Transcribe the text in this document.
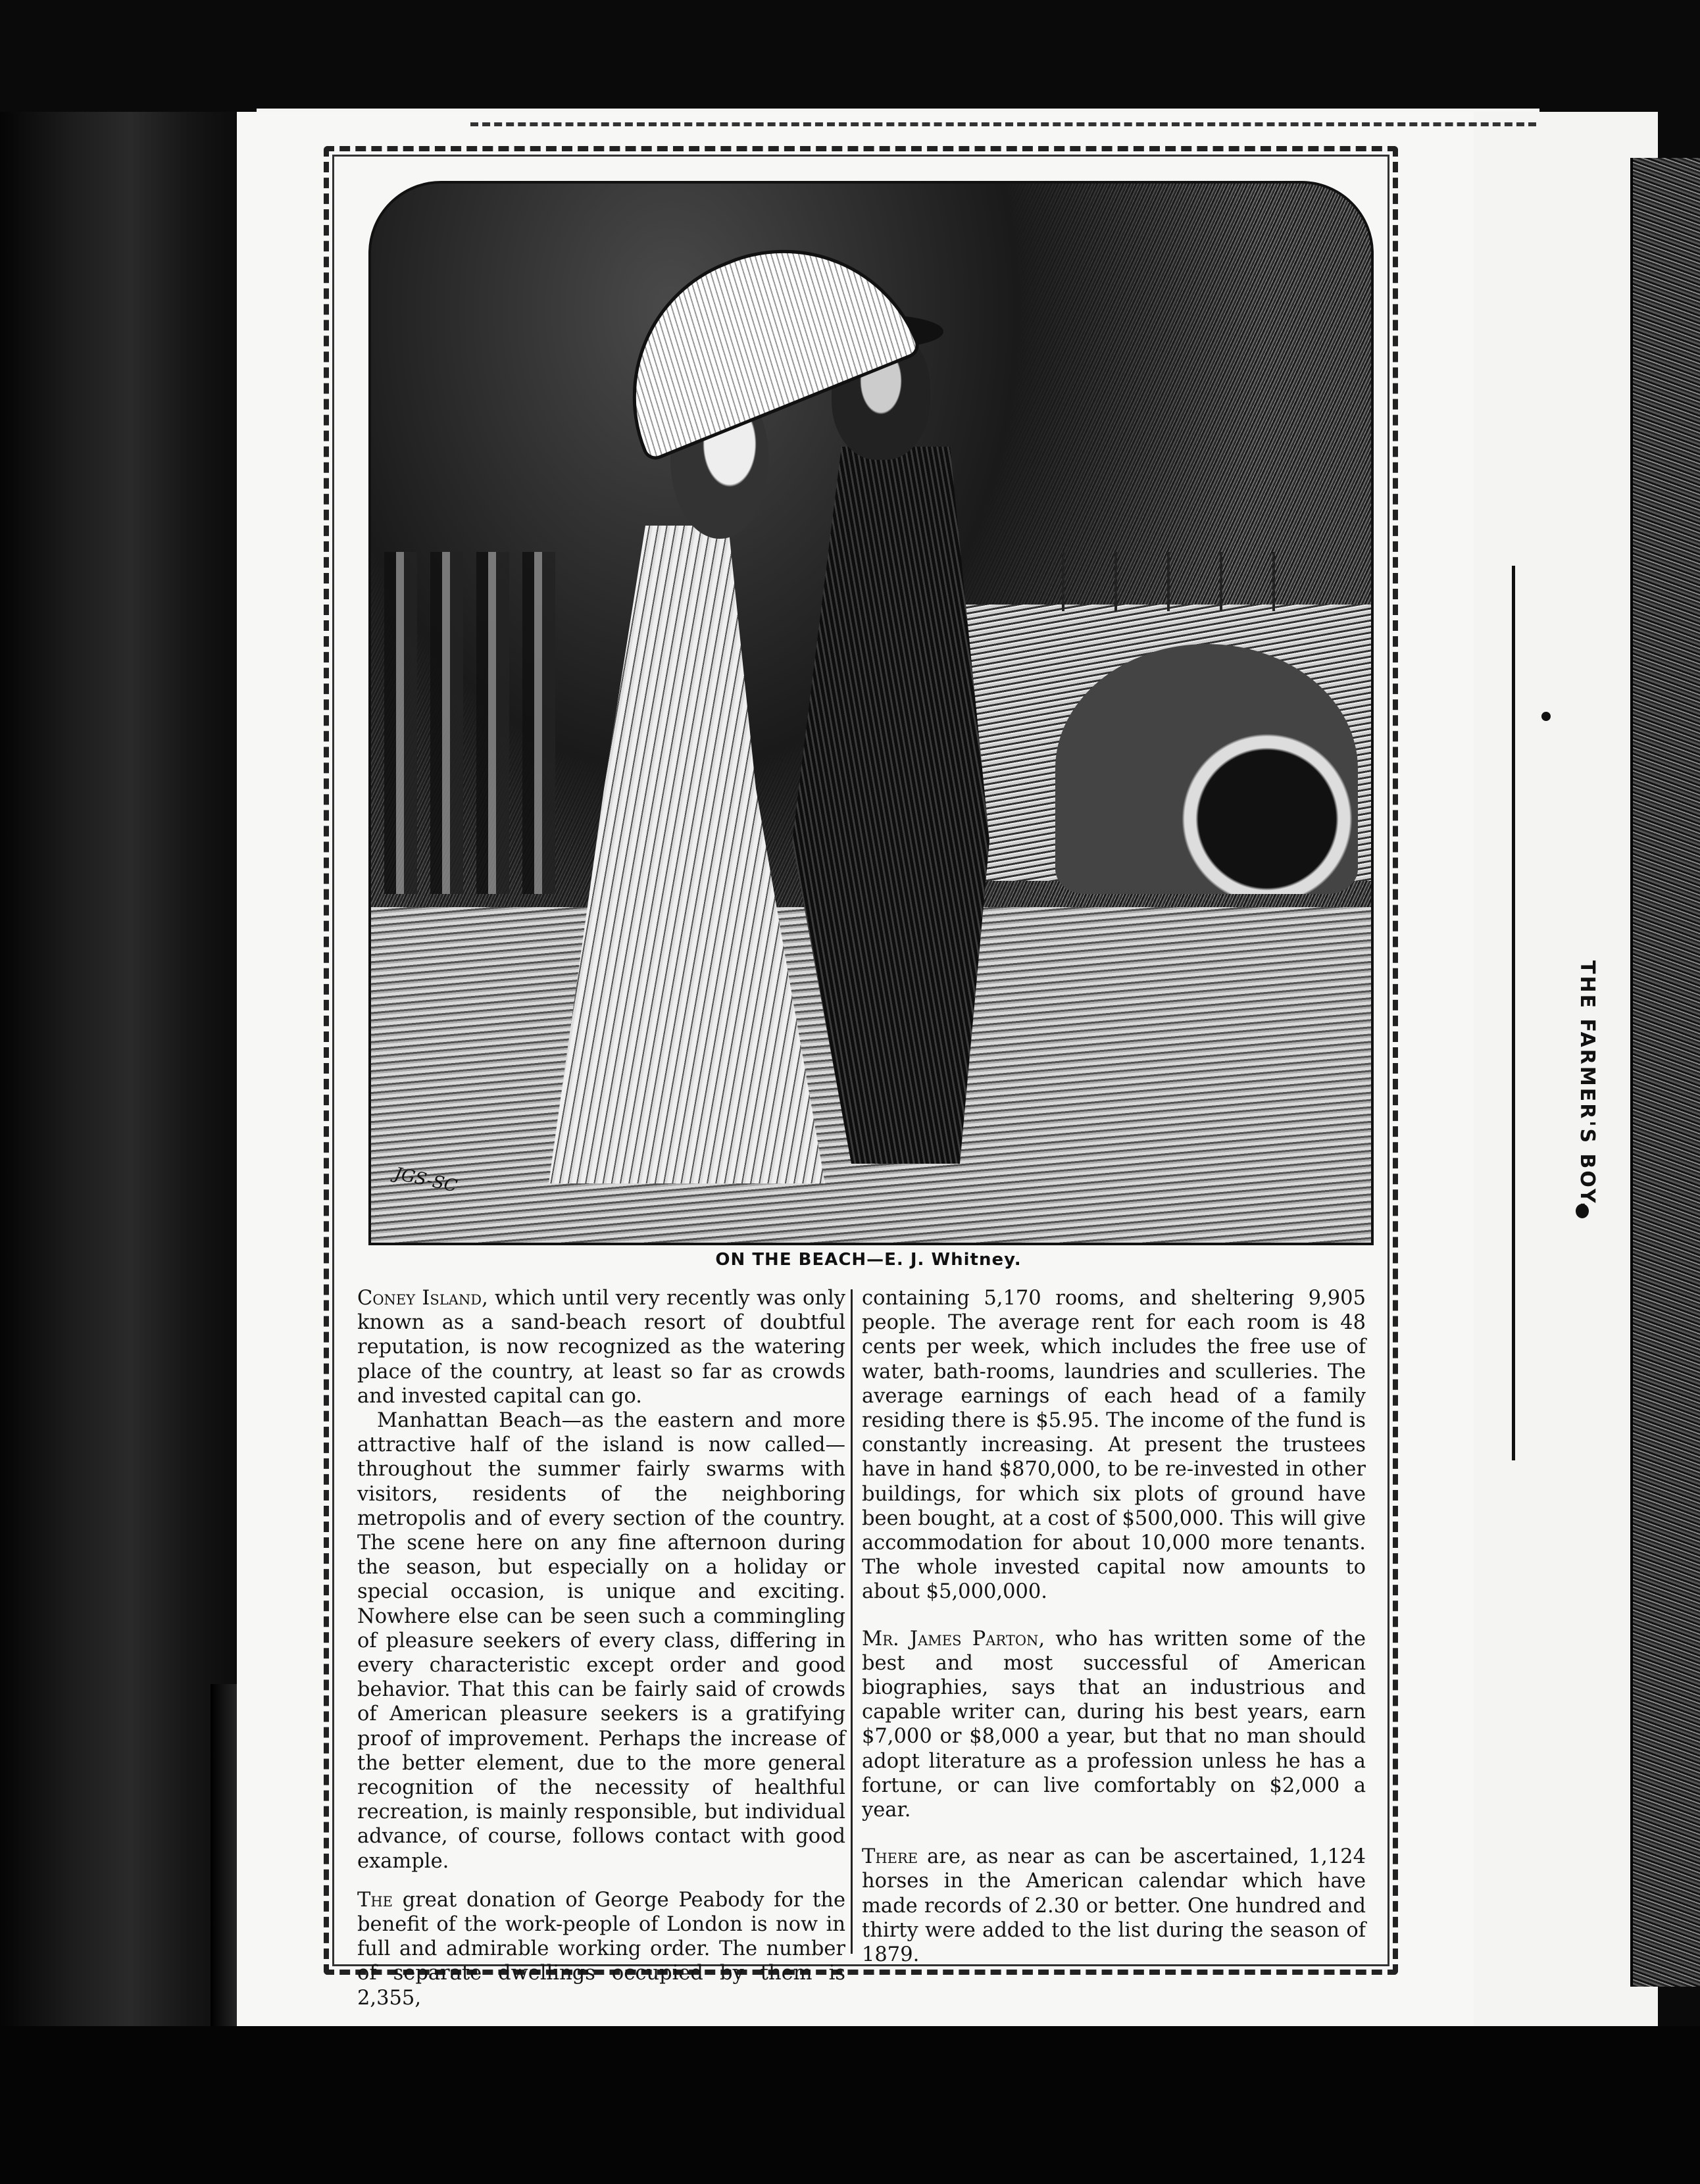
THE FARMER'S BOY.
JGS-SC
ON THE BEACH—E. J. Whitney.

Coney Island, which until very recently was only known as a sand-beach resort of doubtful reputation, is now recognized as the watering place of the country, at least so far as crowds and invested capital can go.

Manhattan Beach—as the eastern and more attractive half of the island is now called—throughout the summer fairly swarms with visitors, residents of the neighboring metropolis and of every section of the country. The scene here on any fine afternoon during the season, but especially on a holiday or special occasion, is unique and exciting. Nowhere else can be seen such a commingling of pleasure seekers of every class, differing in every characteristic except order and good behavior. That this can be fairly said of crowds of American pleasure seekers is a gratifying proof of improvement. Perhaps the increase of the better element, due to the more general recognition of the necessity of healthful recreation, is mainly responsible, but individual advance, of course, follows contact with good example.

The great donation of George Peabody for the benefit of the work-people of London is now in full and admirable working order. The number of separate dwellings occupied by them is 2,355,

containing 5,170 rooms, and sheltering 9,905 people. The average rent for each room is 48 cents per week, which includes the free use of water, bath-rooms, laundries and sculleries. The average earnings of each head of a family residing there is $5.95. The income of the fund is constantly increasing. At present the trustees have in hand $870,000, to be re-invested in other buildings, for which six plots of ground have been bought, at a cost of $500,000. This will give accommodation for about 10,000 more tenants. The whole invested capital now amounts to about $5,000,000.

Mr. James Parton, who has written some of the best and most successful of American biographies, says that an industrious and capable writer can, during his best years, earn $7,000 or $8,000 a year, but that no man should adopt literature as a profession unless he has a fortune, or can live comfortably on $2,000 a year.

There are, as near as can be ascertained, 1,124 horses in the American calendar which have made records of 2.30 or better. One hundred and thirty were added to the list during the season of 1879.
